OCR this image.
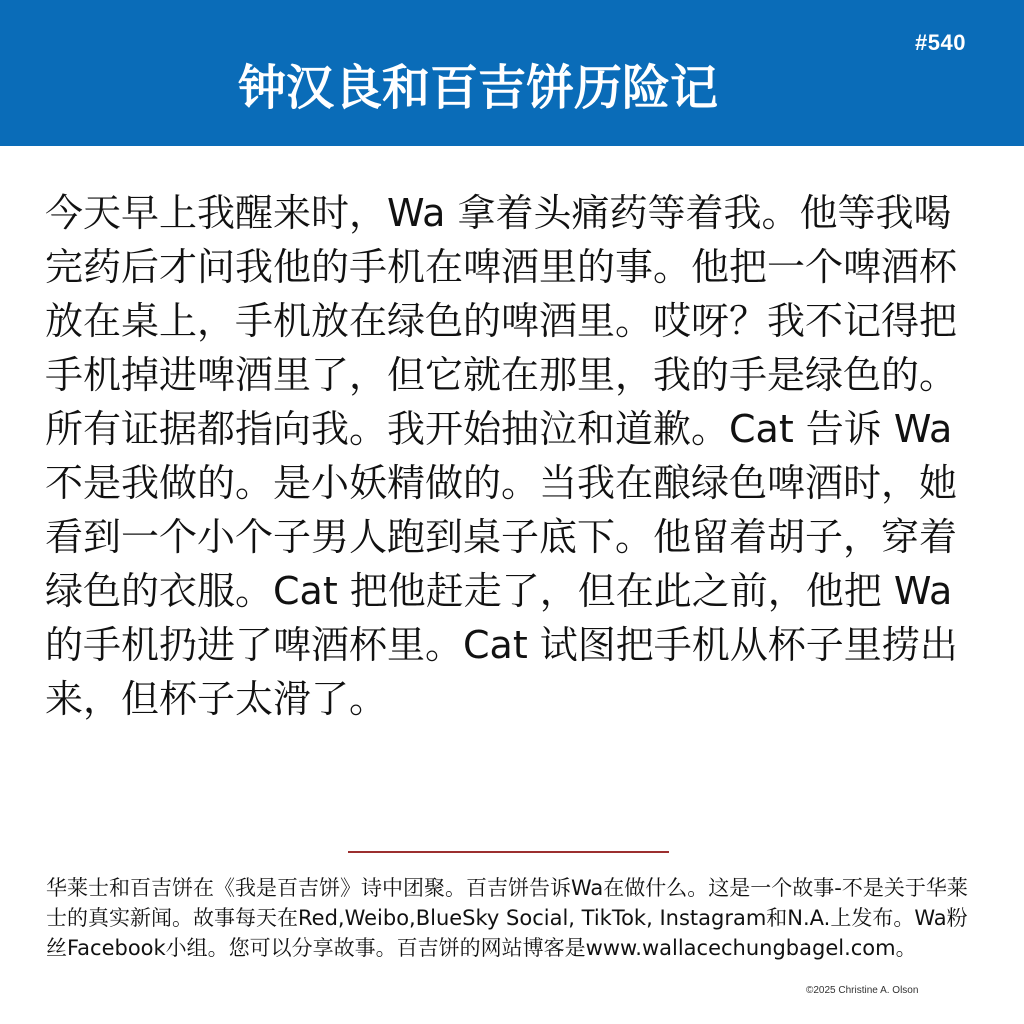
#540
钟汉良和百吉饼历险记

今天早上我醒来时，Wa 拿着头痛药等着我。他等我喝完药后才问我他的手机在啤酒里的事。他把一个啤酒杯放在桌上，手机放在绿色的啤酒里。哎呀？我不记得把手机掉进啤酒里了，但它就在那里，我的手是绿色的。所有证据都指向我。我开始抽泣和道歉。Cat 告诉 Wa 不是我做的。是小妖精做的。当我在酿绿色啤酒时，她看到一个小个子男人跑到桌子底下。他留着胡子，穿着绿色的衣服。Cat 把他赶走了，但在此之前，他把 Wa 的手机扔进了啤酒杯里。Cat 试图把手机从杯子里捞出来，但杯子太滑了。

华莱士和百吉饼在《我是百吉饼》诗中团聚。百吉饼告诉Wa在做什么。这是一个故事-不是关于华莱士的真实新闻。故事每天在Red,Weibo,BlueSky Social, TikTok, Instagram和N.A.上发布。Wa粉丝Facebook小组。您可以分享故事。百吉饼的网站博客是www.wallacechungbagel.com。

©2025 Christine A. Olson
